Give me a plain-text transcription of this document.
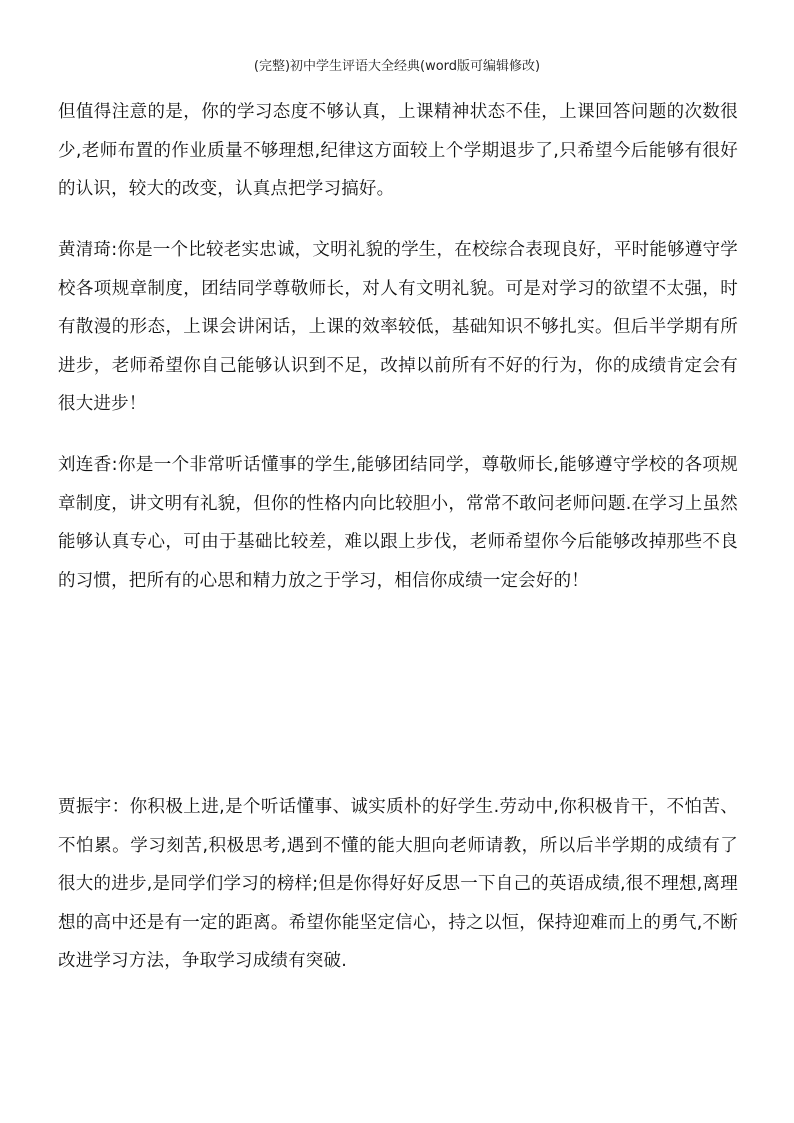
(完整)初中学生评语大全经典(word版可编辑修改)

但值得注意的是，你的学习态度不够认真，上课精神状态不佳，上课回答问题的次数很少,老师布置的作业质量不够理想,纪律这方面较上个学期退步了,只希望今后能够有很好的认识，较大的改变，认真点把学习搞好。

黄清琦:你是一个比较老实忠诚，文明礼貌的学生，在校综合表现良好，平时能够遵守学校各项规章制度，团结同学尊敬师长，对人有文明礼貌。可是对学习的欲望不太强，时有散漫的形态，上课会讲闲话，上课的效率较低，基础知识不够扎实。但后半学期有所进步，老师希望你自己能够认识到不足，改掉以前所有不好的行为，你的成绩肯定会有很大进步！

刘连香:你是一个非常听话懂事的学生,能够团结同学，尊敬师长,能够遵守学校的各项规章制度，讲文明有礼貌，但你的性格内向比较胆小，常常不敢问老师问题.在学习上虽然能够认真专心，可由于基础比较差，难以跟上步伐，老师希望你今后能够改掉那些不良的习惯，把所有的心思和精力放之于学习，相信你成绩一定会好的！

贾振宇：你积极上进,是个听话懂事、诚实质朴的好学生.劳动中,你积极肯干，不怕苦、不怕累。学习刻苦,积极思考,遇到不懂的能大胆向老师请教，所以后半学期的成绩有了很大的进步,是同学们学习的榜样;但是你得好好反思一下自己的英语成绩,很不理想,离理想的高中还是有一定的距离。希望你能坚定信心，持之以恒，保持迎难而上的勇气,不断改进学习方法，争取学习成绩有突破.
